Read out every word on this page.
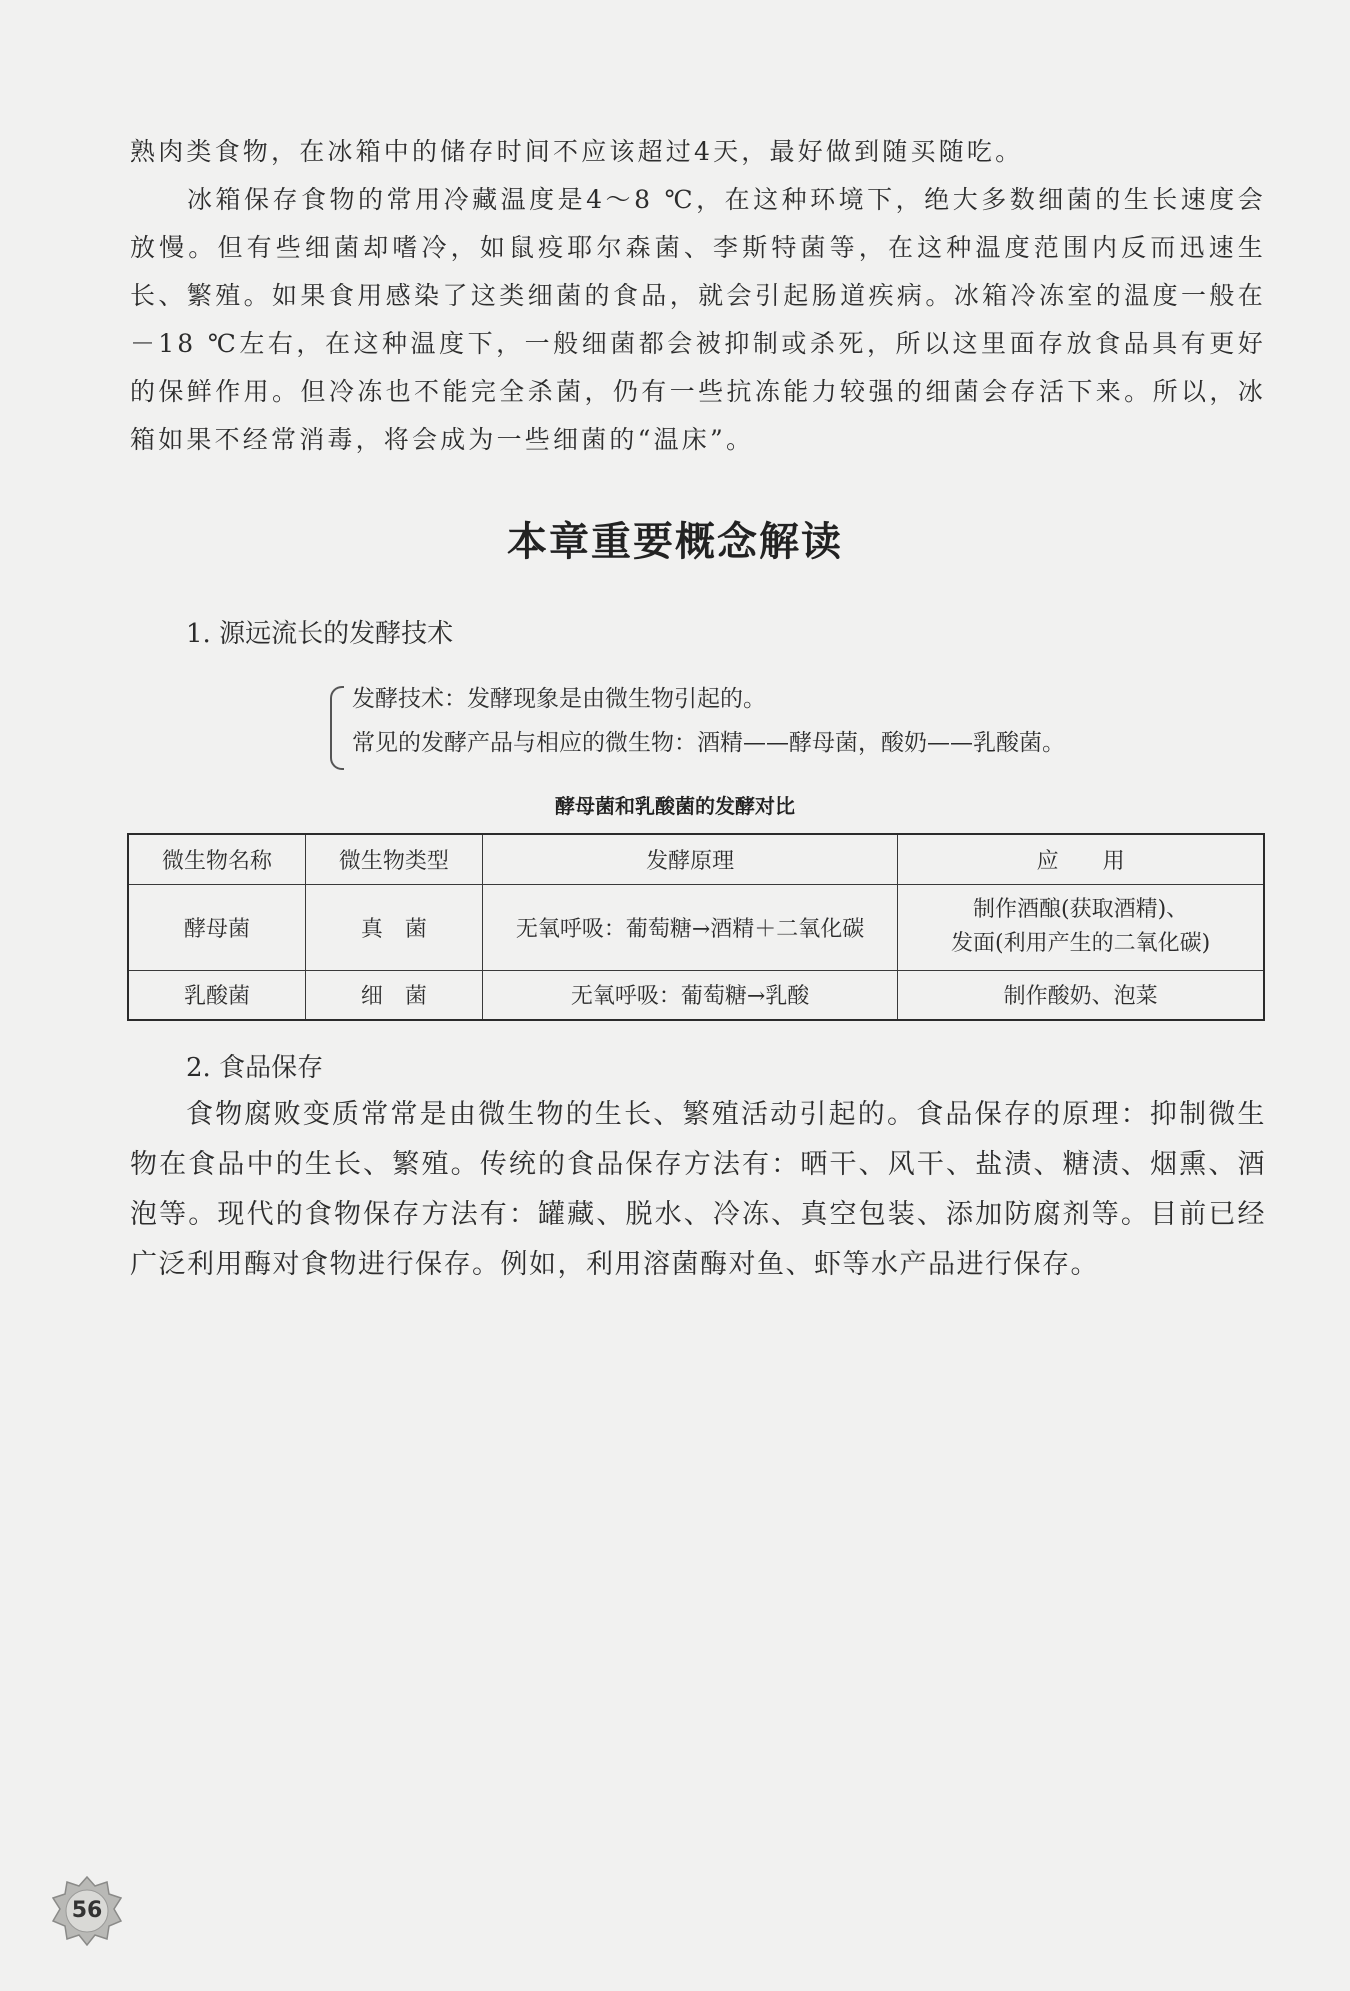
熟肉类食物，在冰箱中的储存时间不应该超过4天，最好做到随买随吃。

冰箱保存食物的常用冷藏温度是4～8 ℃，在这种环境下，绝大多数细菌的生长速度会放慢。但有些细菌却嗜冷，如鼠疫耶尔森菌、李斯特菌等，在这种温度范围内反而迅速生长、繁殖。如果食用感染了这类细菌的食品，就会引起肠道疾病。冰箱冷冻室的温度一般在－18 ℃左右，在这种温度下，一般细菌都会被抑制或杀死，所以这里面存放食品具有更好的保鲜作用。但冷冻也不能完全杀菌，仍有一些抗冻能力较强的细菌会存活下来。所以，冰箱如果不经常消毒，将会成为一些细菌的“温床”。

本章重要概念解读

1. 源远流长的发酵技术

发酵技术：发酵现象是由微生物引起的。

常见的发酵产品与相应的微生物：酒精——酵母菌，酸奶——乳酸菌。

酵母菌和乳酸菌的发酵对比

微生物名称	微生物类型	发酵原理	应　　用
酵母菌	真　菌	无氧呼吸：葡萄糖→酒精＋二氧化碳	制作酒酿(获取酒精)、
发面(利用产生的二氧化碳)

乳酸菌	细　菌	无氧呼吸：葡萄糖→乳酸	制作酸奶、泡菜

2. 食品保存

食物腐败变质常常是由微生物的生长、繁殖活动引起的。食品保存的原理：抑制微生物在食品中的生长、繁殖。传统的食品保存方法有：晒干、风干、盐渍、糖渍、烟熏、酒泡等。现代的食物保存方法有：罐藏、脱水、冷冻、真空包装、添加防腐剂等。目前已经广泛利用酶对食物进行保存。例如，利用溶菌酶对鱼、虾等水产品进行保存。

56
